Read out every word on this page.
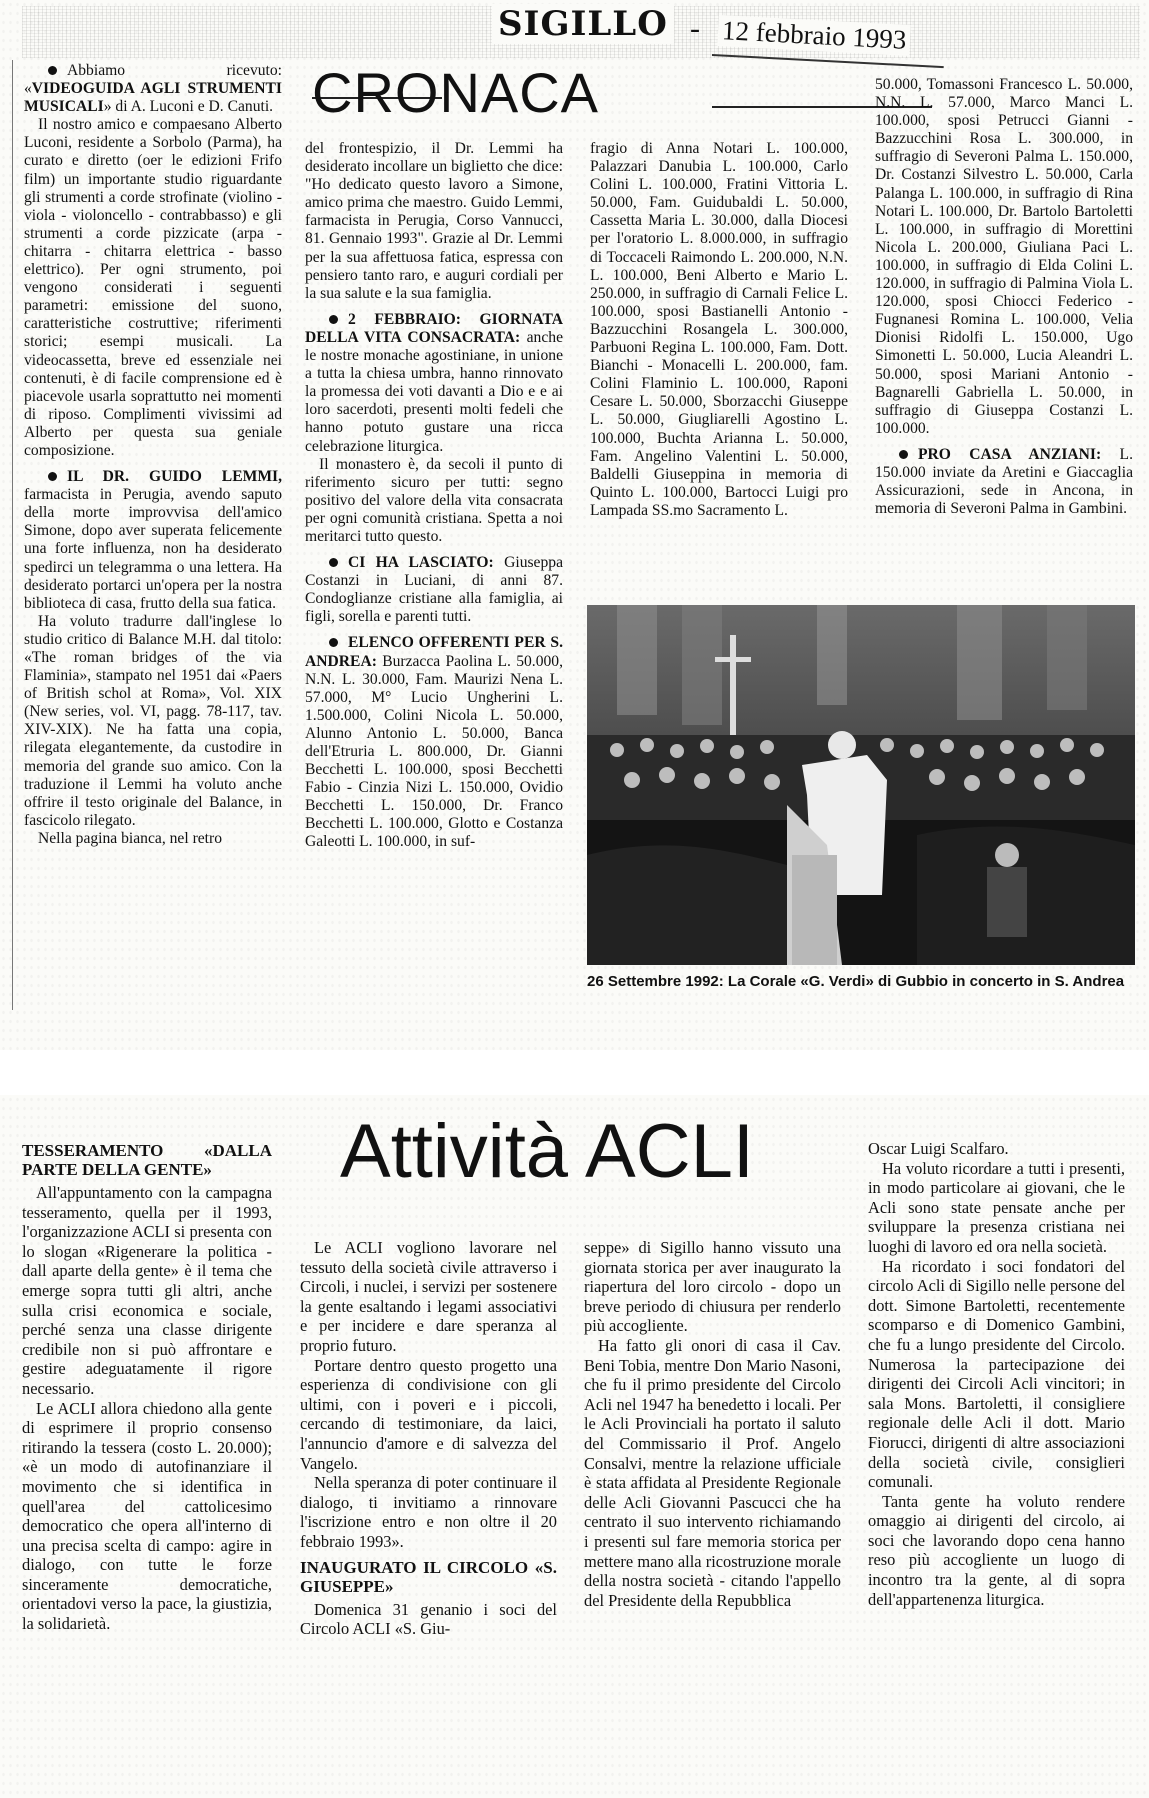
SIGILLO - 12 febbraio 1993
CRONACA

Abbiamo ricevuto: «VIDEOGUIDA AGLI STRUMENTI MUSICALI» di A. Luconi e D. Canuti.

Il nostro amico e compaesano Alberto Luconi, residente a Sorbolo (Parma), ha curato e diretto (oer le edizioni Frifo film) un importante studio riguardante gli strumenti a corde strofinate (violino - viola - violoncello - contrabbasso) e gli strumenti a corde pizzicate (arpa - chitarra - chitarra elettrica - basso elettrico). Per ogni strumento, poi vengono considerati i seguenti parametri: emissione del suono, caratteristiche costruttive; riferimenti storici; esempi musicali. La videocassetta, breve ed essenziale nei contenuti, è di facile comprensione ed è piacevole usarla soprattutto nei momenti di riposo. Complimenti vivissimi ad Alberto per questa sua geniale composizione.

IL DR. GUIDO LEMMI, farmacista in Perugia, avendo saputo della morte improvvisa dell'amico Simone, dopo aver superata felicemente una forte influenza, non ha desiderato spedirci un telegramma o una lettera. Ha desiderato portarci un'opera per la nostra biblioteca di casa, frutto della sua fatica.

Ha voluto tradurre dall'inglese lo studio critico di Balance M.H. dal titolo: «The roman bridges of the via Flaminia», stampato nel 1951 dai «Paers of British schol at Roma», Vol. XIX (New series, vol. VI, pagg. 78-117, tav. XIV-XIX). Ne ha fatta una copia, rilegata elegantemente, da custodire in memoria del grande suo amico. Con la traduzione il Lemmi ha voluto anche offrire il testo originale del Balance, in fascicolo rilegato.

Nella pagina bianca, nel retro

del frontespizio, il Dr. Lemmi ha desiderato incollare un biglietto che dice: "Ho dedicato questo lavoro a Simone, amico prima che maestro. Guido Lemmi, farmacista in Perugia, Corso Vannucci, 81. Gennaio 1993". Grazie al Dr. Lemmi per la sua affettuosa fatica, espressa con pensiero tanto raro, e auguri cordiali per la sua salute e la sua famiglia.

2 FEBBRAIO: GIORNATA DELLA VITA CONSACRATA: anche le nostre monache agostiniane, in unione a tutta la chiesa umbra, hanno rinnovato la promessa dei voti davanti a Dio e e ai loro sacerdoti, presenti molti fedeli che hanno potuto gustare una ricca celebrazione liturgica.

Il monastero è, da secoli il punto di riferimento sicuro per tutti: segno positivo del valore della vita consacrata per ogni comunità cristiana. Spetta a noi meritarci tutto questo.

CI HA LASCIATO: Giuseppa Costanzi in Luciani, di anni 87. Condoglianze cristiane alla famiglia, ai figli, sorella e parenti tutti.

ELENCO OFFERENTI PER S. ANDREA: Burzacca Paolina L. 50.000, N.N. L. 30.000, Fam. Maurizi Nena L. 57.000, M° Lucio Ungherini L. 1.500.000, Colini Nicola L. 50.000, Alunno Antonio L. 50.000, Banca dell'Etruria L. 800.000, Dr. Gianni Becchetti L. 100.000, sposi Becchetti Fabio - Cinzia Nizi L. 150.000, Ovidio Becchetti L. 150.000, Dr. Franco Becchetti L. 100.000, Glotto e Costanza Galeotti L. 100.000, in suf-

fragio di Anna Notari L. 100.000, Palazzari Danubia L. 100.000, Carlo Colini L. 100.000, Fratini Vittoria L. 50.000, Fam. Guidubaldi L. 50.000, Cassetta Maria L. 30.000, dalla Diocesi per l'oratorio L. 8.000.000, in suffragio di Toccaceli Raimondo L. 200.000, N.N. L. 100.000, Beni Alberto e Mario L. 250.000, in suffragio di Carnali Felice L. 100.000, sposi Bastianelli Antonio - Bazzucchini Rosangela L. 300.000, Parbuoni Regina L. 100.000, Fam. Dott. Bianchi - Monacelli L. 200.000, fam. Colini Flaminio L. 100.000, Raponi Cesare L. 50.000, Sborzacchi Giuseppe L. 50.000, Giugliarelli Agostino L. 100.000, Buchta Arianna L. 50.000, Fam. Angelino Valentini L. 50.000, Baldelli Giuseppina in memoria di Quinto L. 100.000, Bartocci Luigi pro Lampada SS.mo Sacramento L.

50.000, Tomassoni Francesco L. 50.000, N.N. L. 57.000, Marco Manci L. 100.000, sposi Petrucci Gianni - Bazzucchini Rosa L. 300.000, in suffragio di Severoni Palma L. 150.000, Dr. Costanzi Silvestro L. 50.000, Carla Palanga L. 100.000, in suffragio di Rina Notari L. 100.000, Dr. Bartolo Bartoletti L. 100.000, in suffragio di Morettini Nicola L. 200.000, Giuliana Paci L. 100.000, in suffragio di Elda Colini L. 120.000, in suffragio di Palmina Viola L. 120.000, sposi Chiocci Federico - Fugnanesi Romina L. 100.000, Velia Dionisi Ridolfi L. 150.000, Ugo Simonetti L. 50.000, Lucia Aleandri L. 50.000, sposi Mariani Antonio - Bagnarelli Gabriella L. 50.000, in suffragio di Giuseppa Costanzi L. 100.000.

PRO CASA ANZIANI: L. 150.000 inviate da Aretini e Giaccaglia Assicurazioni, sede in Ancona, in memoria di Severoni Palma in Gambini.

26 Settembre 1992: La Corale «G. Verdi» di Gubbio in concerto in S. Andrea
Attività ACLI
TESSERAMENTO «DALLA PARTE DELLA GENTE»

All'appuntamento con la campagna tesseramento, quella per il 1993, l'organizzazione ACLI si presenta con lo slogan «Rigenerare la politica - dall aparte della gente» è il tema che emerge sopra tutti gli altri, anche sulla crisi economica e sociale, perché senza una classe dirigente credibile non si può affrontare e gestire adeguatamente il rigore necessario.

Le ACLI allora chiedono alla gente di esprimere il proprio consenso ritirando la tessera (costo L. 20.000); «è un modo di autofinanziare il movimento che si identifica in quell'area del cattolicesimo democratico che opera all'interno di una precisa scelta di campo: agire in dialogo, con tutte le forze sinceramente democratiche, orientadovi verso la pace, la giustizia, la solidarietà.

Le ACLI vogliono lavorare nel tessuto della società civile attraverso i Circoli, i nuclei, i servizi per sostenere la gente esaltando i legami associativi e per incidere e dare speranza al proprio futuro.

Portare dentro questo progetto una esperienza di condivisione con gli ultimi, con i poveri e i piccoli, cercando di testimoniare, da laici, l'annuncio d'amore e di salvezza del Vangelo.

Nella speranza di poter continuare il dialogo, ti invitiamo a rinnovare l'iscrizione entro e non oltre il 20 febbraio 1993».

INAUGURATO IL CIRCOLO «S. GIUSEPPE»

Domenica 31 genanio i soci del Circolo ACLI «S. Giu-

seppe» di Sigillo hanno vissuto una giornata storica per aver inaugurato la riapertura del loro circolo - dopo un breve periodo di chiusura per renderlo più accogliente.

Ha fatto gli onori di casa il Cav. Beni Tobia, mentre Don Mario Nasoni, che fu il primo presidente del Circolo Acli nel 1947 ha benedetto i locali. Per le Acli Provinciali ha portato il saluto del Commissario il Prof. Angelo Consalvi, mentre la relazione ufficiale è stata affidata al Presidente Regionale delle Acli Giovanni Pascucci che ha centrato il suo intervento richiamando i presenti sul fare memoria storica per mettere mano alla ricostruzione morale della nostra società - citando l'appello del Presidente della Repubblica

Oscar Luigi Scalfaro.

Ha voluto ricordare a tutti i presenti, in modo particolare ai giovani, che le Acli sono state pensate anche per sviluppare la presenza cristiana nei luoghi di lavoro ed ora nella società.

Ha ricordato i soci fondatori del circolo Acli di Sigillo nelle persone del dott. Simone Bartoletti, recentemente scomparso e di Domenico Gambini, che fu a lungo presidente del Circolo. Numerosa la partecipazione dei dirigenti dei Circoli Acli vincitori; in sala Mons. Bartoletti, il consigliere regionale delle Acli il dott. Mario Fiorucci, dirigenti di altre associazioni della società civile, consiglieri comunali.

Tanta gente ha voluto rendere omaggio ai dirigenti del circolo, ai soci che lavorando dopo cena hanno reso più accogliente un luogo di incontro tra la gente, al di sopra dell'appartenenza liturgica.
